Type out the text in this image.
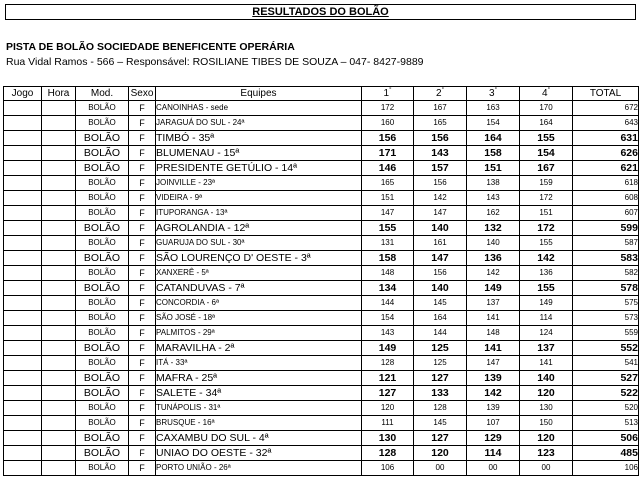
RESULTADOS DO BOLÃO
PISTA DE BOLÃO SOCIEDADE BENEFICENTE OPERÁRIA
Rua Vidal Ramos - 566 – Responsável: ROSILIANE TIBES DE SOUZA – 047- 8427-9889
Jogo	Hora	Mod.	Sexo	Equipes	1°	2°	3°	4°	TOTAL
		BOLÃO	F	CANOINHAS - sede	172	167	163	170	672
		BOLÃO	F	JARAGUÁ DO SUL - 24ª	160	165	154	164	643
		BOLÃO	F	TIMBÓ - 35ª	156	156	164	155	631
		BOLÃO	F	BLUMENAU - 15ª	171	143	158	154	626
		BOLÃO	F	PRESIDENTE GETÚLIO - 14ª	146	157	151	167	621
		BOLÃO	F	JOINVILLE - 23ª	165	156	138	159	618
		BOLÃO	F	VIDEIRA - 9ª	151	142	143	172	608
		BOLÃO	F	ITUPORANGA - 13ª	147	147	162	151	607
		BOLÃO	F	AGROLANDIA - 12ª	155	140	132	172	599
		BOLÃO	F	GUARUJA DO SUL - 30ª	131	161	140	155	587
		BOLÃO	F	SÃO LOURENÇO D' OESTE - 3ª	158	147	136	142	583
		BOLÃO	F	XANXERÊ - 5ª	148	156	142	136	582
		BOLÃO	F	CATANDUVAS - 7ª	134	140	149	155	578
		BOLÃO	F	CONCORDIA - 6ª	144	145	137	149	575
		BOLÃO	F	SÃO JOSÉ - 18ª	154	164	141	114	573
		BOLÃO	F	PALMITOS - 29ª	143	144	148	124	559
		BOLÃO	F	MARAVILHA - 2ª	149	125	141	137	552
		BOLÃO	F	ITÁ - 33ª	128	125	147	141	541
		BOLÃO	F	MAFRA - 25ª	121	127	139	140	527
		BOLÃO	F	SALETE - 34ª	127	133	142	120	522
		BOLÃO	F	TUNÁPOLIS - 31ª	120	128	139	130	520
		BOLÃO	F	BRUSQUE - 16ª	111	145	107	150	513
		BOLÃO	F	CAXAMBU DO SUL - 4ª	130	127	129	120	506
		BOLÃO	F	UNIAO DO OESTE - 32ª	128	120	114	123	485
		BOLÃO	F	PORTO UNIÃO - 26ª	106	00	00	00	106
